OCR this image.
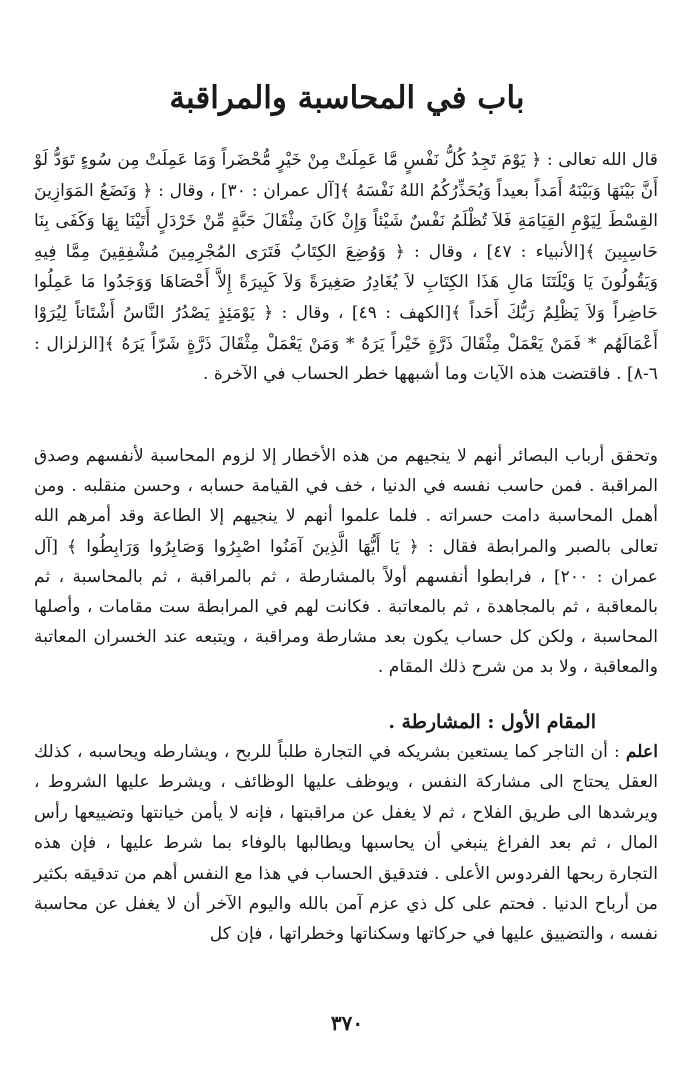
باب في المحاسبة والمراقبة

قال الله تعالى : ﴿ يَوْمَ تَجِدُ كُلُّ نَفْسٍ مَّا عَمِلَتْ مِنْ خَيْرٍ مُّحْضَراً وَمَا عَمِلَتْ مِن سُوءٍ تَوَدُّ لَوْ أَنَّ بَيْنَهَا وَبَيْنَهُ أَمَداً بعيداً وَيُحَذِّرُكُمُ اللهُ نَفْسَهُ ﴾[آل عمران : ٣٠] ، وقال : ﴿ وَنَضَعُ المَوَازِينَ القِسْطَ لِيَوْمِ القِيَامَةِ فَلاَ تُظْلَمُ نَفْسٌ شَيْئاً وَإِنْ كَانَ مِثْقَالَ حَبَّةٍ مِّنْ خَرْدَلٍ أَتَيْنَا بِهَا وَكَفَى بِنَا حَاسِبِينَ ﴾[الأنبياء : ٤٧] ، وقال : ﴿ وَوُضِعَ الكِتَابُ فَتَرَى المُجْرِمِينَ مُشْفِقِينَ مِمَّا فِيهِ وَيَقُولُونَ يَا وَيْلَتَنَا مَالِ هَذَا الكِتَابِ لاَ يُغَادِرُ صَغِيرَةً وَلاَ كَبِيرَةً إِلاَّ أَحْصَاهَا وَوَجَدُوا مَا عَمِلُوا حَاضِراً وَلاَ يَظْلِمُ رَبُّكَ أَحَداً ﴾[الكهف : ٤٩] ، وقال : ﴿ يَوْمَئِذٍ يَصْدُرُ النَّاسُ أَشْتَاتاً لِيُرَوْا أَعْمَالَهُم * فَمَنْ يَعْمَلْ مِثْقَالَ ذَرَّةٍ خَيْراً يَرَهُ * وَمَنْ يَعْمَلْ مِثْقَالَ ذَرَّةٍ شَرّاً يَرَهُ ﴾[الزلزال : ٦-٨] . فاقتضت هذه الآيات وما أشبهها خطر الحساب في الآخرة .

وتحقق أرباب البصائر أنهم لا ينجيهم من هذه الأخطار إلا لزوم المحاسبة لأنفسهم وصدق المراقبة . فمن حاسب نفسه في الدنيا ، خف في القيامة حسابه ، وحسن منقلبه . ومن أهمل المحاسبة دامت حسراته . فلما علموا أنهم لا ينجيهم إلا الطاعة وقد أمرهم الله تعالى بالصبر والمرابطة فقال : ﴿ يَا أَيُّهَا الَّذِينَ آمَنُوا اصْبِرُوا وَصَابِرُوا وَرَابِطُوا ﴾ [آل عمران : ٢٠٠] ، فرابطوا أنفسهم أولاً بالمشارطة ، ثم بالمراقبة ، ثم بالمحاسبة ، ثم بالمعاقبة ، ثم بالمجاهدة ، ثم بالمعاتبة . فكانت لهم في المرابطة ست مقامات ، وأصلها المحاسبة ، ولكن كل حساب يكون بعد مشارطة ومراقبة ، ويتبعه عند الخسران المعاتبة والمعاقبة ، ولا بد من شرح ذلك المقام .

المقام الأول : المشارطة .

اعلم : أن التاجر كما يستعين بشريكه في التجارة طلباً للربح ، ويشارطه ويحاسبه ، كذلك العقل يحتاج الى مشاركة النفس ، ويوظف عليها الوظائف ، ويشرط عليها الشروط ، ويرشدها الى طريق الفلاح ، ثم لا يغفل عن مراقبتها ، فإنه لا يأمن خيانتها وتضييعها رأس المال ، ثم بعد الفراغ ينبغي أن يحاسبها ويطالبها بالوفاء بما شرط عليها ، فإن هذه التجارة ربحها الفردوس الأعلى . فتدقيق الحساب في هذا مع النفس أهم من تدقيقه بكثير من أرباح الدنيا . فحتم على كل ذي عزم آمن بالله واليوم الآخر أن لا يغفل عن محاسبة نفسه ، والتضييق عليها في حركاتها وسكناتها وخطراتها ، فإن كل

٣٧٠
